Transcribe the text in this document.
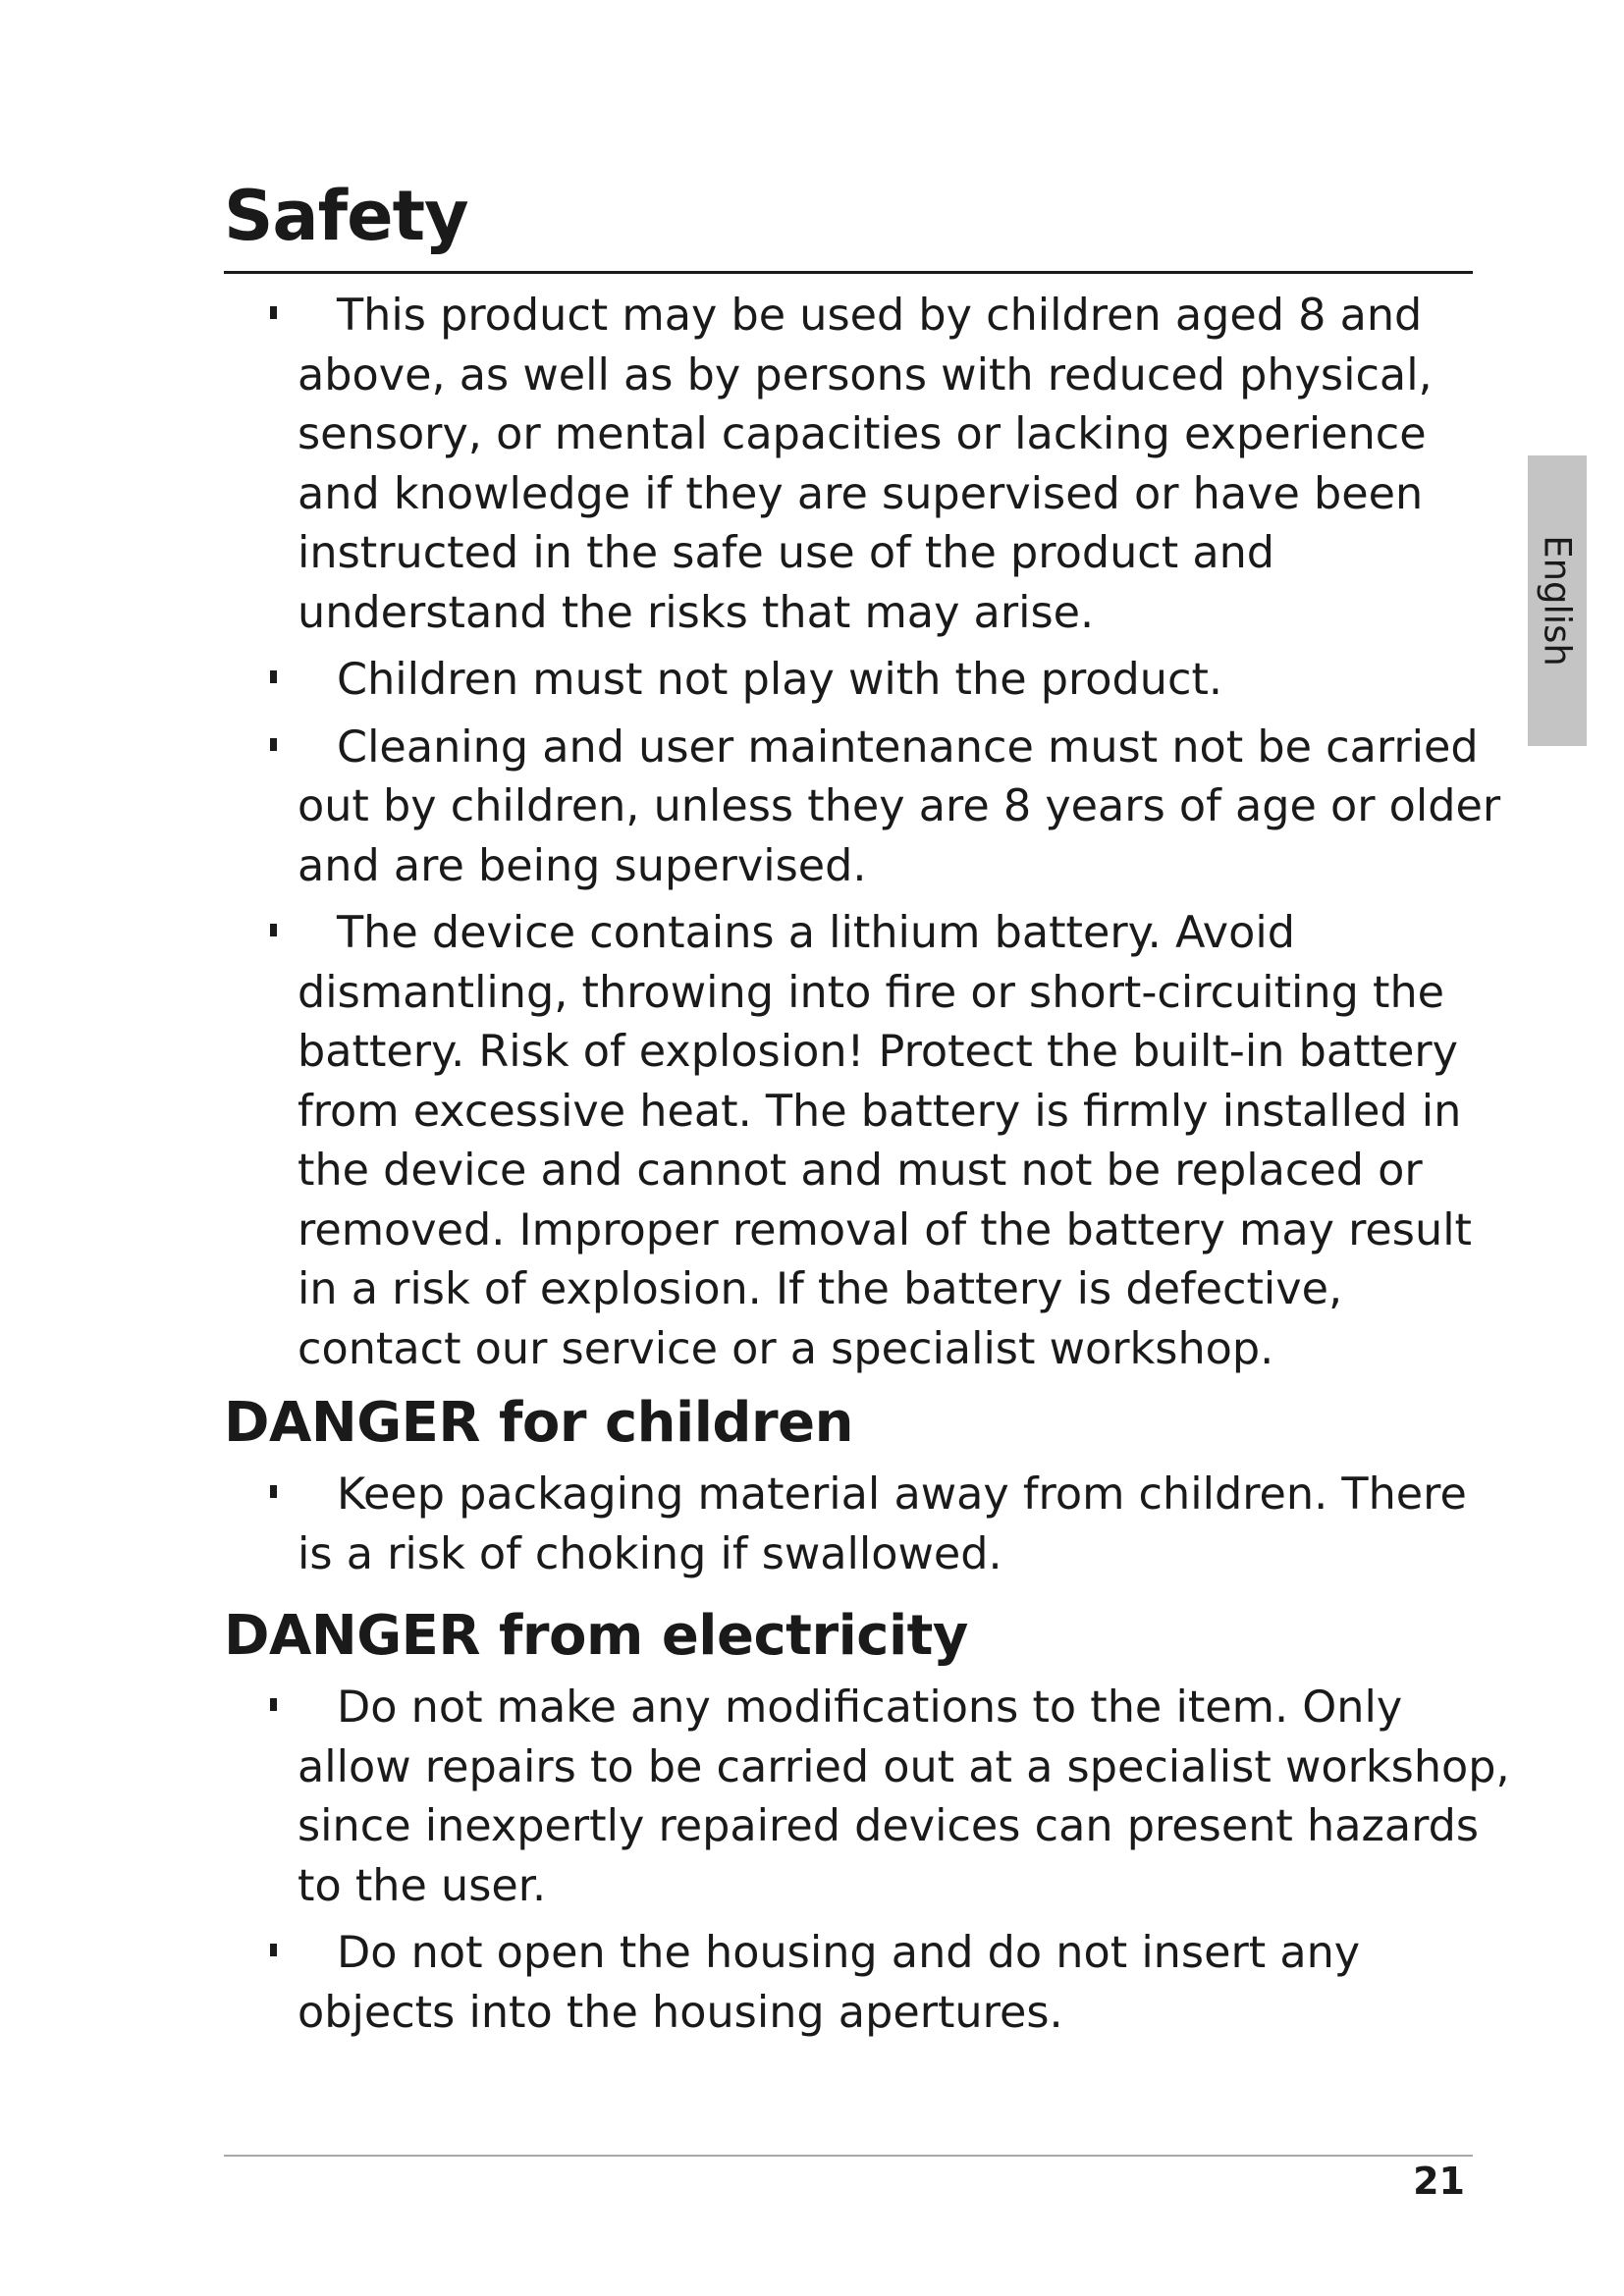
Safety
This product may be used by children aged 8 and above, as well as by persons with reduced physical, sensory, or mental capacities or lacking experience and knowledge if they are supervised or have been instructed in the safe use of the product and understand the risks that may arise.
Children must not play with the product.
Cleaning and user maintenance must not be carried out by children, unless they are 8 years of age or older and are being supervised.
The device contains a lithium battery. Avoid dismantling, throwing into fire or short-circuiting the battery. Risk of explosion! Protect the built-in battery from excessive heat. The battery is firmly installed in the device and cannot and must not be replaced or removed. Improper removal of the battery may result in a risk of explosion. If the battery is defective, contact our service or a specialist workshop.
DANGER for children
Keep packaging material away from children. There is a risk of choking if swallowed.
DANGER from electricity
Do not make any modifications to the item. Only allow repairs to be carried out at a specialist workshop, since inexpertly repaired devices can present hazards to the user.
Do not open the housing and do not insert any objects into the housing apertures.
English
21
